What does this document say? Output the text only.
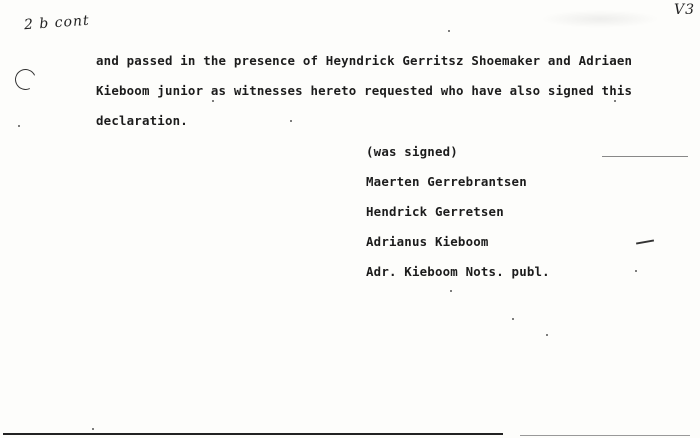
2 b cont
V3
and passed in the presence of Heyndrick Gerritsz Shoemaker and Adriaen
Kieboom junior as witnesses hereto requested who have also signed this
declaration.
(was signed)
Maerten Gerrebrantsen
Hendrick Gerretsen
Adrianus Kieboom
Adr. Kieboom Nots. publ.
